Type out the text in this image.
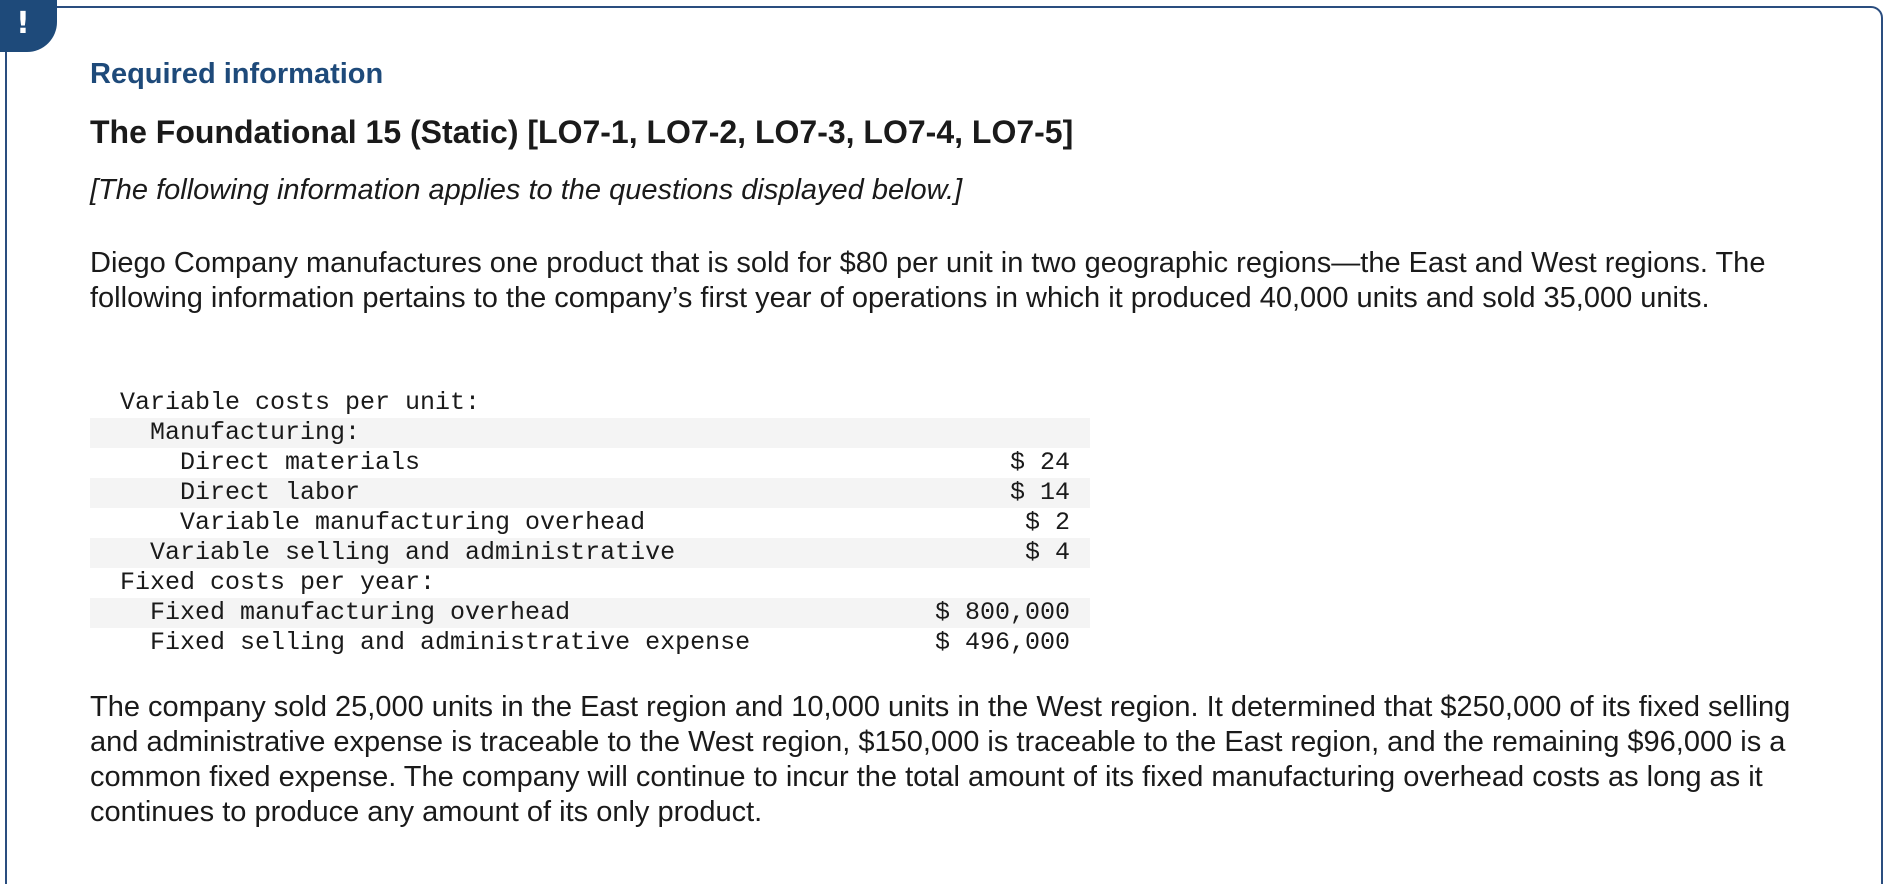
!
Required information
The Foundational 15 (Static) [LO7-1, LO7-2, LO7-3, LO7-4, LO7-5]
[The following information applies to the questions displayed below.]
Diego Company manufactures one product that is sold for $80 per unit in two geographic regions—the East and West regions. The following information pertains to the company’s first year of operations in which it produced 40,000 units and sold 35,000 units.
Variable costs per unit:	
Manufacturing:	
Direct materials	$ 24
Direct labor	$ 14
Variable manufacturing overhead	$ 2
Variable selling and administrative	$ 4
Fixed costs per year:	
Fixed manufacturing overhead	$ 800,000
Fixed selling and administrative expense	$ 496,000
The company sold 25,000 units in the East region and 10,000 units in the West region. It determined that $250,000 of its fixed selling and administrative expense is traceable to the West region, $150,000 is traceable to the East region, and the remaining $96,000 is a common fixed expense. The company will continue to incur the total amount of its fixed manufacturing overhead costs as long as it continues to produce any amount of its only product.
